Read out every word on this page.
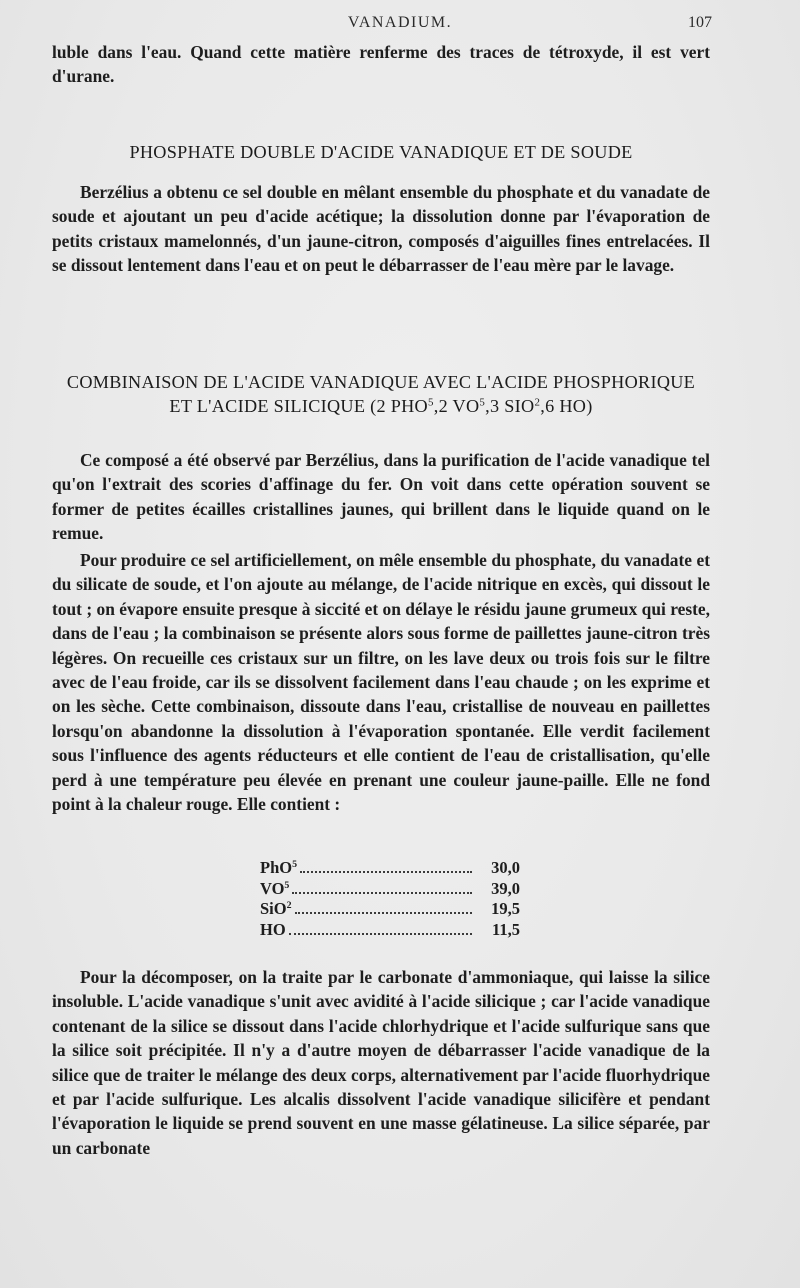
VANADIUM.	107

luble dans l'eau. Quand cette matière renferme des traces de tétroxyde, il est vert d'urane.

PHOSPHATE DOUBLE D'ACIDE VANADIQUE ET DE SOUDE

Berzélius a obtenu ce sel double en mêlant ensemble du phosphate et du vanadate de soude et ajoutant un peu d'acide acétique; la dissolution donne par l'évaporation de petits cristaux mamelonnés, d'un jaune-citron, composés d'aiguilles fines entrelacées. Il se dissout lentement dans l'eau et on peut le débarrasser de l'eau mère par le lavage.

COMBINAISON DE L'ACIDE VANADIQUE AVEC L'ACIDE PHOSPHORIQUE
ET L'ACIDE SILICIQUE (2 PHO$^5$,2 $VO^5,3$ SIO$^2$,6 HO)

Ce composé a été observé par Berzélius, dans la purification de l'acide vanadique tel qu'on l'extrait des scories d'affinage du fer. On voit dans cette opération souvent se former de petites écailles cristallines jaunes, qui brillent dans le liquide quand on le remue.

Pour produire ce sel artificiellement, on mêle ensemble du phosphate, du vanadate et du silicate de soude, et l'on ajoute au mélange, de l'acide nitrique en excès, qui dissout le tout ; on évapore ensuite presque à siccité et on délaye le résidu jaune grumeux qui reste, dans de l'eau ; la combinaison se présente alors sous forme de paillettes jaune-citron très légères. On recueille ces cristaux sur un filtre, on les lave deux ou trois fois sur le filtre avec de l'eau froide, car ils se dissolvent facilement dans l'eau chaude ; on les exprime et on les sèche. Cette combinaison, dissoute dans l'eau, cristallise de nouveau en paillettes lorsqu'on abandonne la dissolution à l'évaporation spontanée. Elle verdit facilement sous l'influence des agents réducteurs et elle contient de l'eau de cristallisation, qu'elle perd à une température peu élevée en prenant une couleur jaune-paille. Elle ne fond point à la chaleur rouge. Elle contient :

PhO$^5$	30,0
$VO^5$	39,0
SiO$^2$	19,5
HO	11,5

Pour la décomposer, on la traite par le carbonate d'ammoniaque, qui laisse la silice insoluble. L'acide vanadique s'unit avec avidité à l'acide silicique ; car l'acide vanadique contenant de la silice se dissout dans l'acide chlorhydrique et l'acide sulfurique sans que la silice soit précipitée. Il n'y a d'autre moyen de débarrasser l'acide vanadique de la silice que de traiter le mélange des deux corps, alternativement par l'acide fluorhydrique et par l'acide sulfurique. Les alcalis dissolvent l'acide vanadique silicifère et pendant l'évaporation le liquide se prend souvent en une masse gélatineuse. La silice séparée, par un carbonate
